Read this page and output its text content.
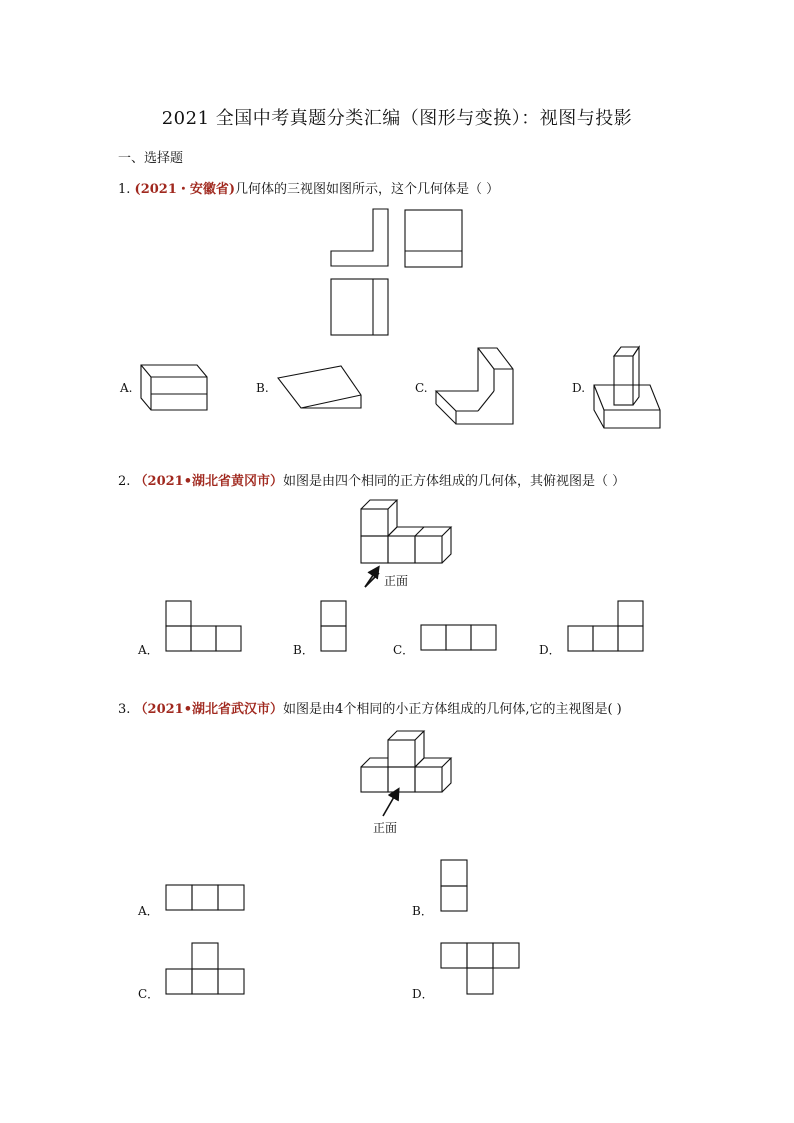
2021 全国中考真题分类汇编（图形与变换）：视图与投影
一、选择题
1. (2021・安徽省)几何体的三视图如图所示，这个几何体是（ ）
2. （2021•湖北省黄冈市）如图是由四个相同的正方体组成的几何体，其俯视图是（ ）
3. （2021•湖北省武汉市）如图是由4个相同的小正方体组成的几何体,它的主视图是( )
A.	B.	C.	D.
A．	B．	C．	D．
A．	B．
C．	D．
正面
正面
